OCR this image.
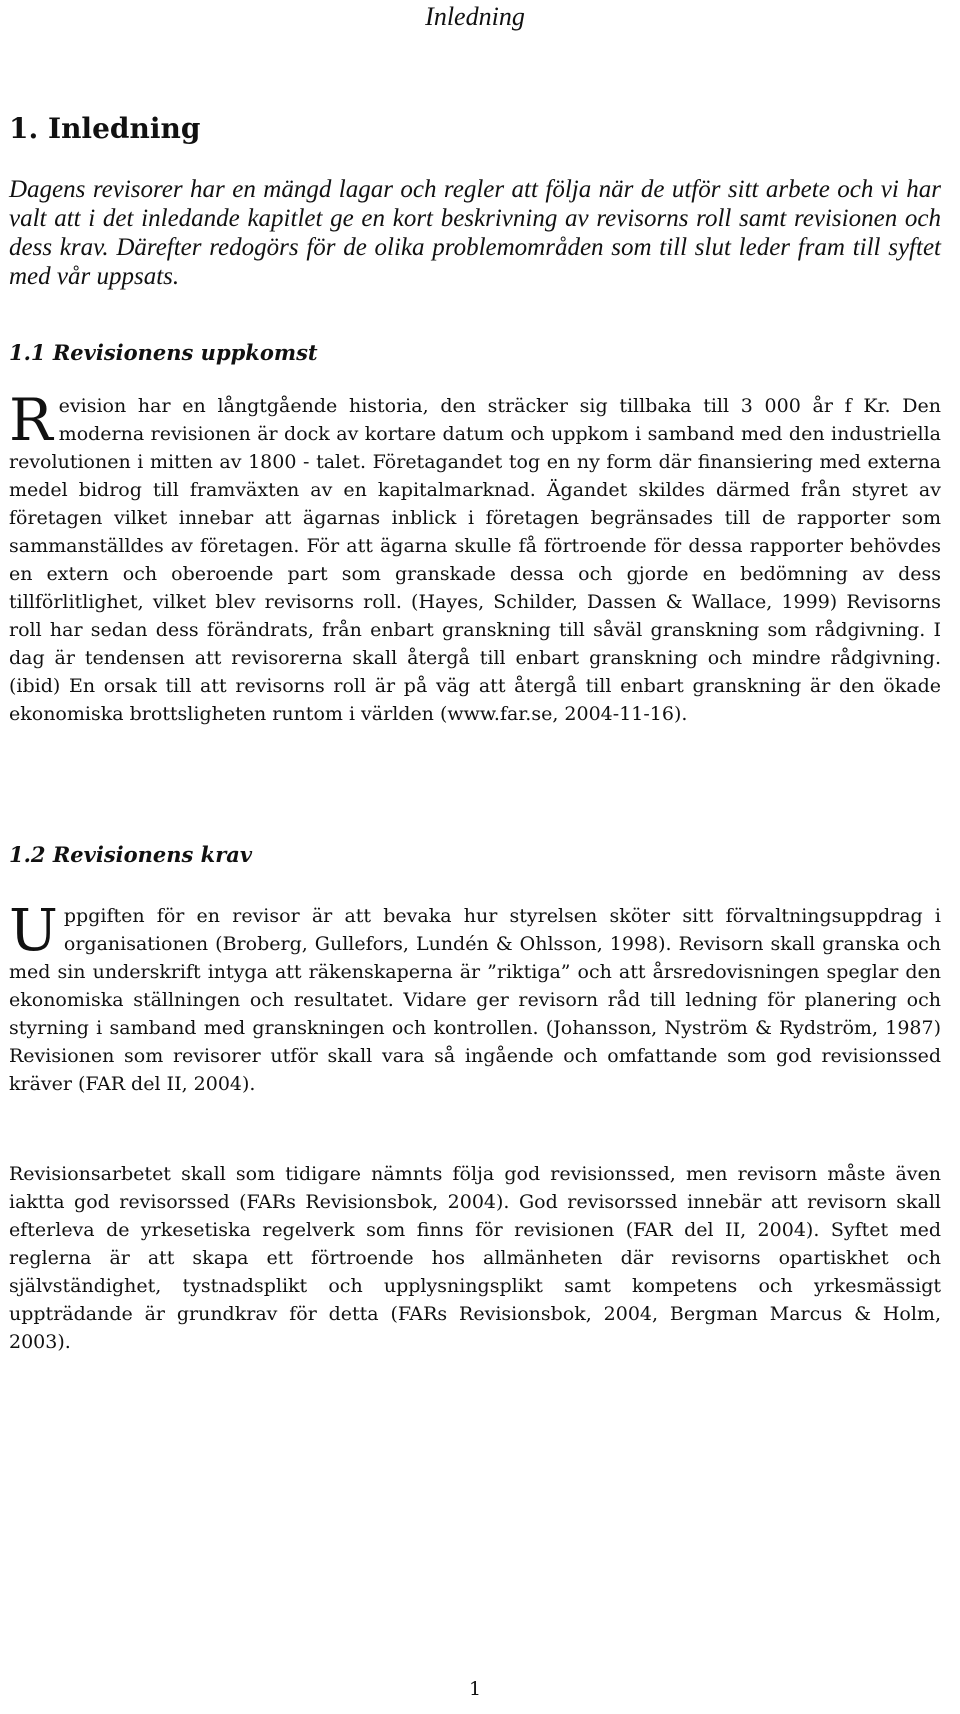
Inledning
1. Inledning

Dagens revisorer har en mängd lagar och regler att följa när de utför sitt arbete och vi har valt att i det inledande kapitlet ge en kort beskrivning av revisorns roll samt revisionen och dess krav. Därefter redogörs för de olika problemområden som till slut leder fram till syftet med vår uppsats.

1.1 Revisionens uppkomst

Revision har en långtgående historia, den sträcker sig tillbaka till 3 000 år f Kr. Den moderna revisionen är dock av kortare datum och uppkom i samband med den industriella revolutionen i mitten av 1800 - talet. Företagandet tog en ny form där finansiering med externa medel bidrog till framväxten av en kapitalmarknad. Ägandet skildes därmed från styret av företagen vilket innebar att ägarnas inblick i företagen begränsades till de rapporter som sammanställdes av företagen. För att ägarna skulle få förtroende för dessa rapporter behövdes en extern och oberoende part som granskade dessa och gjorde en bedömning av dess tillförlitlighet, vilket blev revisorns roll. (Hayes, Schilder, Dassen & Wallace, 1999) Revisorns roll har sedan dess förändrats, från enbart granskning till såväl granskning som rådgivning. I dag är tendensen att revisorerna skall återgå till enbart granskning och mindre rådgivning. (ibid) En orsak till att revisorns roll är på väg att återgå till enbart granskning är den ökade ekonomiska brottsligheten runtom i världen (www.far.se, 2004-11-16).

1.2 Revisionens krav

Uppgiften för en revisor är att bevaka hur styrelsen sköter sitt förvaltningsuppdrag i organisationen (Broberg, Gullefors, Lundén & Ohlsson, 1998). Revisorn skall granska och med sin underskrift intyga att räkenskaperna är ”riktiga” och att årsredovisningen speglar den ekonomiska ställningen och resultatet. Vidare ger revisorn råd till ledning för planering och styrning i samband med granskningen och kontrollen. (Johansson, Nyström & Rydström, 1987) Revisionen som revisorer utför skall vara så ingående och omfattande som god revisionssed kräver (FAR del II, 2004).

Revisionsarbetet skall som tidigare nämnts följa god revisionssed, men revisorn måste även iaktta god revisorssed (FARs Revisionsbok, 2004). God revisorssed innebär att revisorn skall efterleva de yrkesetiska regelverk som finns för revisionen (FAR del II, 2004). Syftet med reglerna är att skapa ett förtroende hos allmänheten där revisorns opartiskhet och självständighet, tystnadsplikt och upplysningsplikt samt kompetens och yrkesmässigt uppträdande är grundkrav för detta (FARs Revisionsbok, 2004, Bergman Marcus & Holm, 2003).

1
